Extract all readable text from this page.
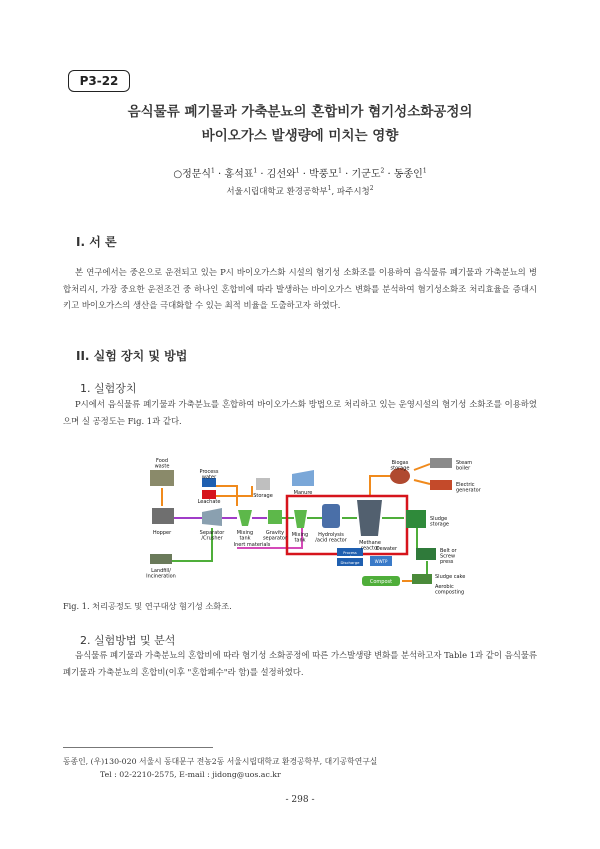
P3-22
음식물류 폐기물과 가축분뇨의 혼합비가 혐기성소화공정의
바이오가스 발생량에 미치는 영향
○정문식$^1$ · 홍석표$^1$ · 김선와$^1$ · 박풍모$^1$ · 기군도$^2$ · 동종인$^1$
서울시립대학교 환경공학부$^1$, 파주시청$^2$
I. 서 론
본 연구에서는 중온으로 운전되고 있는 P시 바이오가스화 시설의 혐기성 소화조를 이용하여 음식물류 폐기물과 가축분뇨의 병합처리시, 가장 중요한 운전조건 중 하나인 혼합비에 따라 발생하는 바이오가스 변화를 분석하여 혐기성소화조 처리효율을 증대시키고 바이오가스의 생산을 극대화할 수 있는 최적 비율을 도출하고자 하였다.
II. 실험 장치 및 방법
1. 실험장치
P시에서 음식물류 폐기물과 가축분뇨를 혼합하여 바이오가스화 방법으로 처리하고 있는 운영시설의 혐기성 소화조를 이용하였으며 실 공정도는 Fig. 1과 같다.
Food waste
Process water
Leachate
Storage	Manure
Biogas storage
Steam boiler
Electric generator
Hopper	Separator /Crusher
Mixing tank
Gravity separator
Mixing tank
Hydrolysis /acid reactor Methane reactor
Sludge storage
Inert materials
Dewater	Belt or Screw press
Process water
Discharge	WWTP
Sludge cake
Landfill/ Incineration
Compost
Aerobic composting
Fig. 1. 처리공정도 및 연구대상 혐기성 소화조.
2. 실험방법 및 분석
음식물류 폐기물과 가축분뇨의 혼합비에 따라 혐기성 소화공정에 따른 가스발생량 변화를 분석하고자 Table 1과 같이 음식물류 폐기물과 가축분뇨의 혼합비(이후 "혼합폐수"라 함)를 설정하였다.
동종인, (우)130-020 서울시 동대문구 전농2동 서울시립대학교 환경공학부, 대기공학연구실
Tel : 02-2210-2575, E-mail : jidong@uos.ac.kr
- 298 -
